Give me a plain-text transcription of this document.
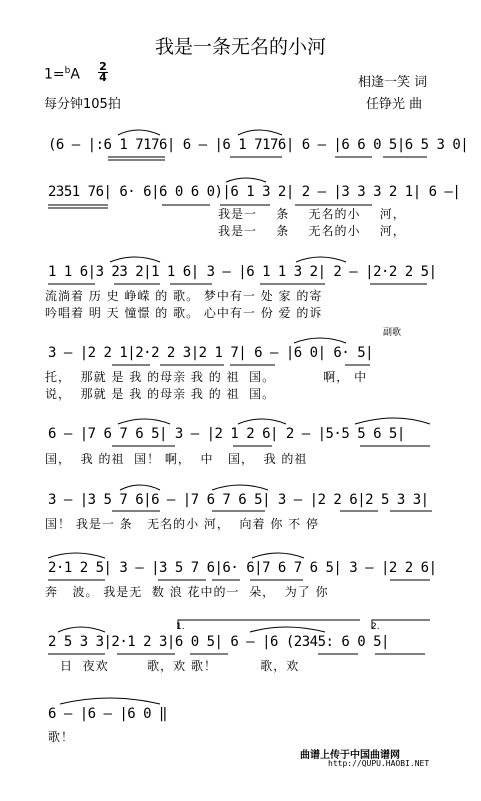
我是一条无名的小河
1=$^b$A
2
4
每分钟105拍
相逢一笑 词
任铮光 曲
(6 — |:6 1 7176| 6 — |6 1 7176| 6 — |6 6 0 5|6 5 3 0|
2351 76| 6· 6|6 0 6 0)|6 1 3 2| 2 — |3 3 3 2 1| 6 —|
我是一    条    无名的小    河，
我是一    条    无名的小    河，
1 1 6|3 23 2|1 1 6| 3 — |6 1 1 3 2| 2 — |2·2 2 5|
流淌着 历 史 峥嵘 的 歌。 梦中有一 处 家 的寄
吟唱着 明 天 憧憬 的 歌。 心中有一 份 爱 的诉
副歌
3 — |2 2 1|2·2 2 3|2 1 7| 6 — |6 0| 6· 5|
托，  那就 是 我 的母亲 我 的 祖  国。          啊， 中
说，  那就 是 我 的母亲 我 的 祖  国。
6 — |7 6 7 6 5| 3 — |2 1 2 6| 2 — |5·5 5 6 5|
国，  我 的祖  国！ 啊，  中   国，  我 的祖
3 — |3 5 7 6|6 — |7 6 7 6 5| 3 — |2 2 6|2 5 3 3|
国！ 我是一 条   无名的小 河，  向着 你 不 停
2·1 2 5| 3 — |3 5 7 6|6· 6|7 6 7 6 5| 3 — |2 2 6|
奔   波。 我是无  数 浪 花中的一  朵，  为了 你
2 5 3 3|2·1 2 3|6 0 5| 6 — |6 (2345: 6 0 5|
日  夜欢        歌，欢 歌！         歌，欢
1.	2.
6 — |6 — |6 0 ‖
歌！

曲谱上传于中国曲谱网

http://QUPU.HAOBI.NET
